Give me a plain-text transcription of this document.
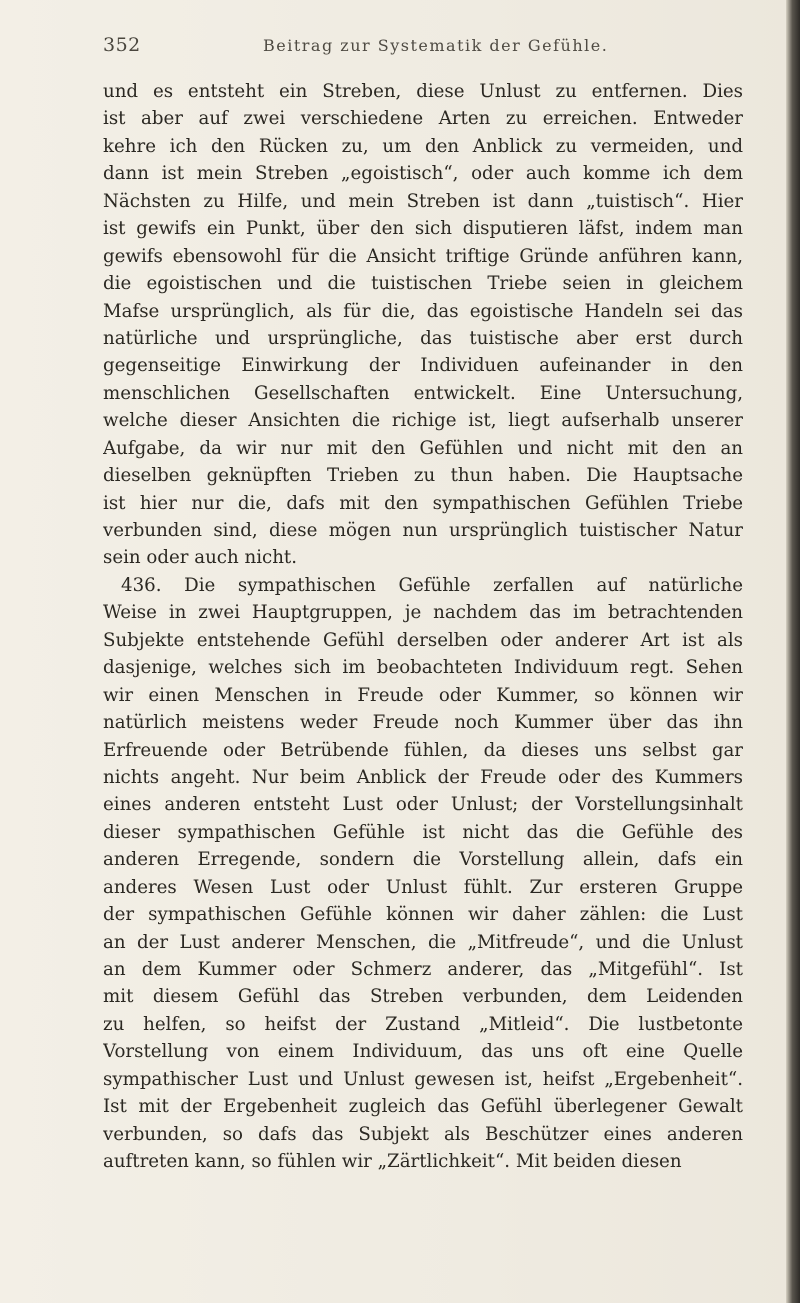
352	Beitrag zur Systematik der Gefühle.
und es entsteht ein Streben, diese Unlust zu entfernen. Dies
ist aber auf zwei verschiedene Arten zu erreichen. Entweder
kehre ich den Rücken zu, um den Anblick zu vermeiden, und
dann ist mein Streben „egoistisch“, oder auch komme ich dem
Nächsten zu Hilfe, und mein Streben ist dann „tuistisch“. Hier
ist gewifs ein Punkt, über den sich disputieren läfst, indem man
gewifs ebensowohl für die Ansicht triftige Gründe anführen kann,
die egoistischen und die tuistischen Triebe seien in gleichem
Mafse ursprünglich, als für die, das egoistische Handeln sei das
natürliche und ursprüngliche, das tuistische aber erst durch
gegenseitige Einwirkung der Individuen aufeinander in den
menschlichen Gesellschaften entwickelt. Eine Untersuchung,
welche dieser Ansichten die richige ist, liegt aufserhalb unserer
Aufgabe, da wir nur mit den Gefühlen und nicht mit den an
dieselben geknüpften Trieben zu thun haben. Die Hauptsache
ist hier nur die, dafs mit den sympathischen Gefühlen Triebe
verbunden sind, diese mögen nun ursprünglich tuistischer Natur
sein oder auch nicht.
436. Die sympathischen Gefühle zerfallen auf natürliche
Weise in zwei Hauptgruppen, je nachdem das im betrachtenden
Subjekte entstehende Gefühl derselben oder anderer Art ist als
dasjenige, welches sich im beobachteten Individuum regt. Sehen
wir einen Menschen in Freude oder Kummer, so können wir
natürlich meistens weder Freude noch Kummer über das ihn
Erfreuende oder Betrübende fühlen, da dieses uns selbst gar
nichts angeht. Nur beim Anblick der Freude oder des Kummers
eines anderen entsteht Lust oder Unlust; der Vorstellungsinhalt
dieser sympathischen Gefühle ist nicht das die Gefühle des
anderen Erregende, sondern die Vorstellung allein, dafs ein
anderes Wesen Lust oder Unlust fühlt. Zur ersteren Gruppe
der sympathischen Gefühle können wir daher zählen: die Lust
an der Lust anderer Menschen, die „Mitfreude“, und die Unlust
an dem Kummer oder Schmerz anderer, das „Mitgefühl“. Ist
mit diesem Gefühl das Streben verbunden, dem Leidenden
zu helfen, so heifst der Zustand „Mitleid“. Die lustbetonte
Vorstellung von einem Individuum, das uns oft eine Quelle
sympathischer Lust und Unlust gewesen ist, heifst „Ergebenheit“.
Ist mit der Ergebenheit zugleich das Gefühl überlegener Gewalt
verbunden, so dafs das Subjekt als Beschützer eines anderen
auftreten kann, so fühlen wir „Zärtlichkeit“. Mit beiden diesen
